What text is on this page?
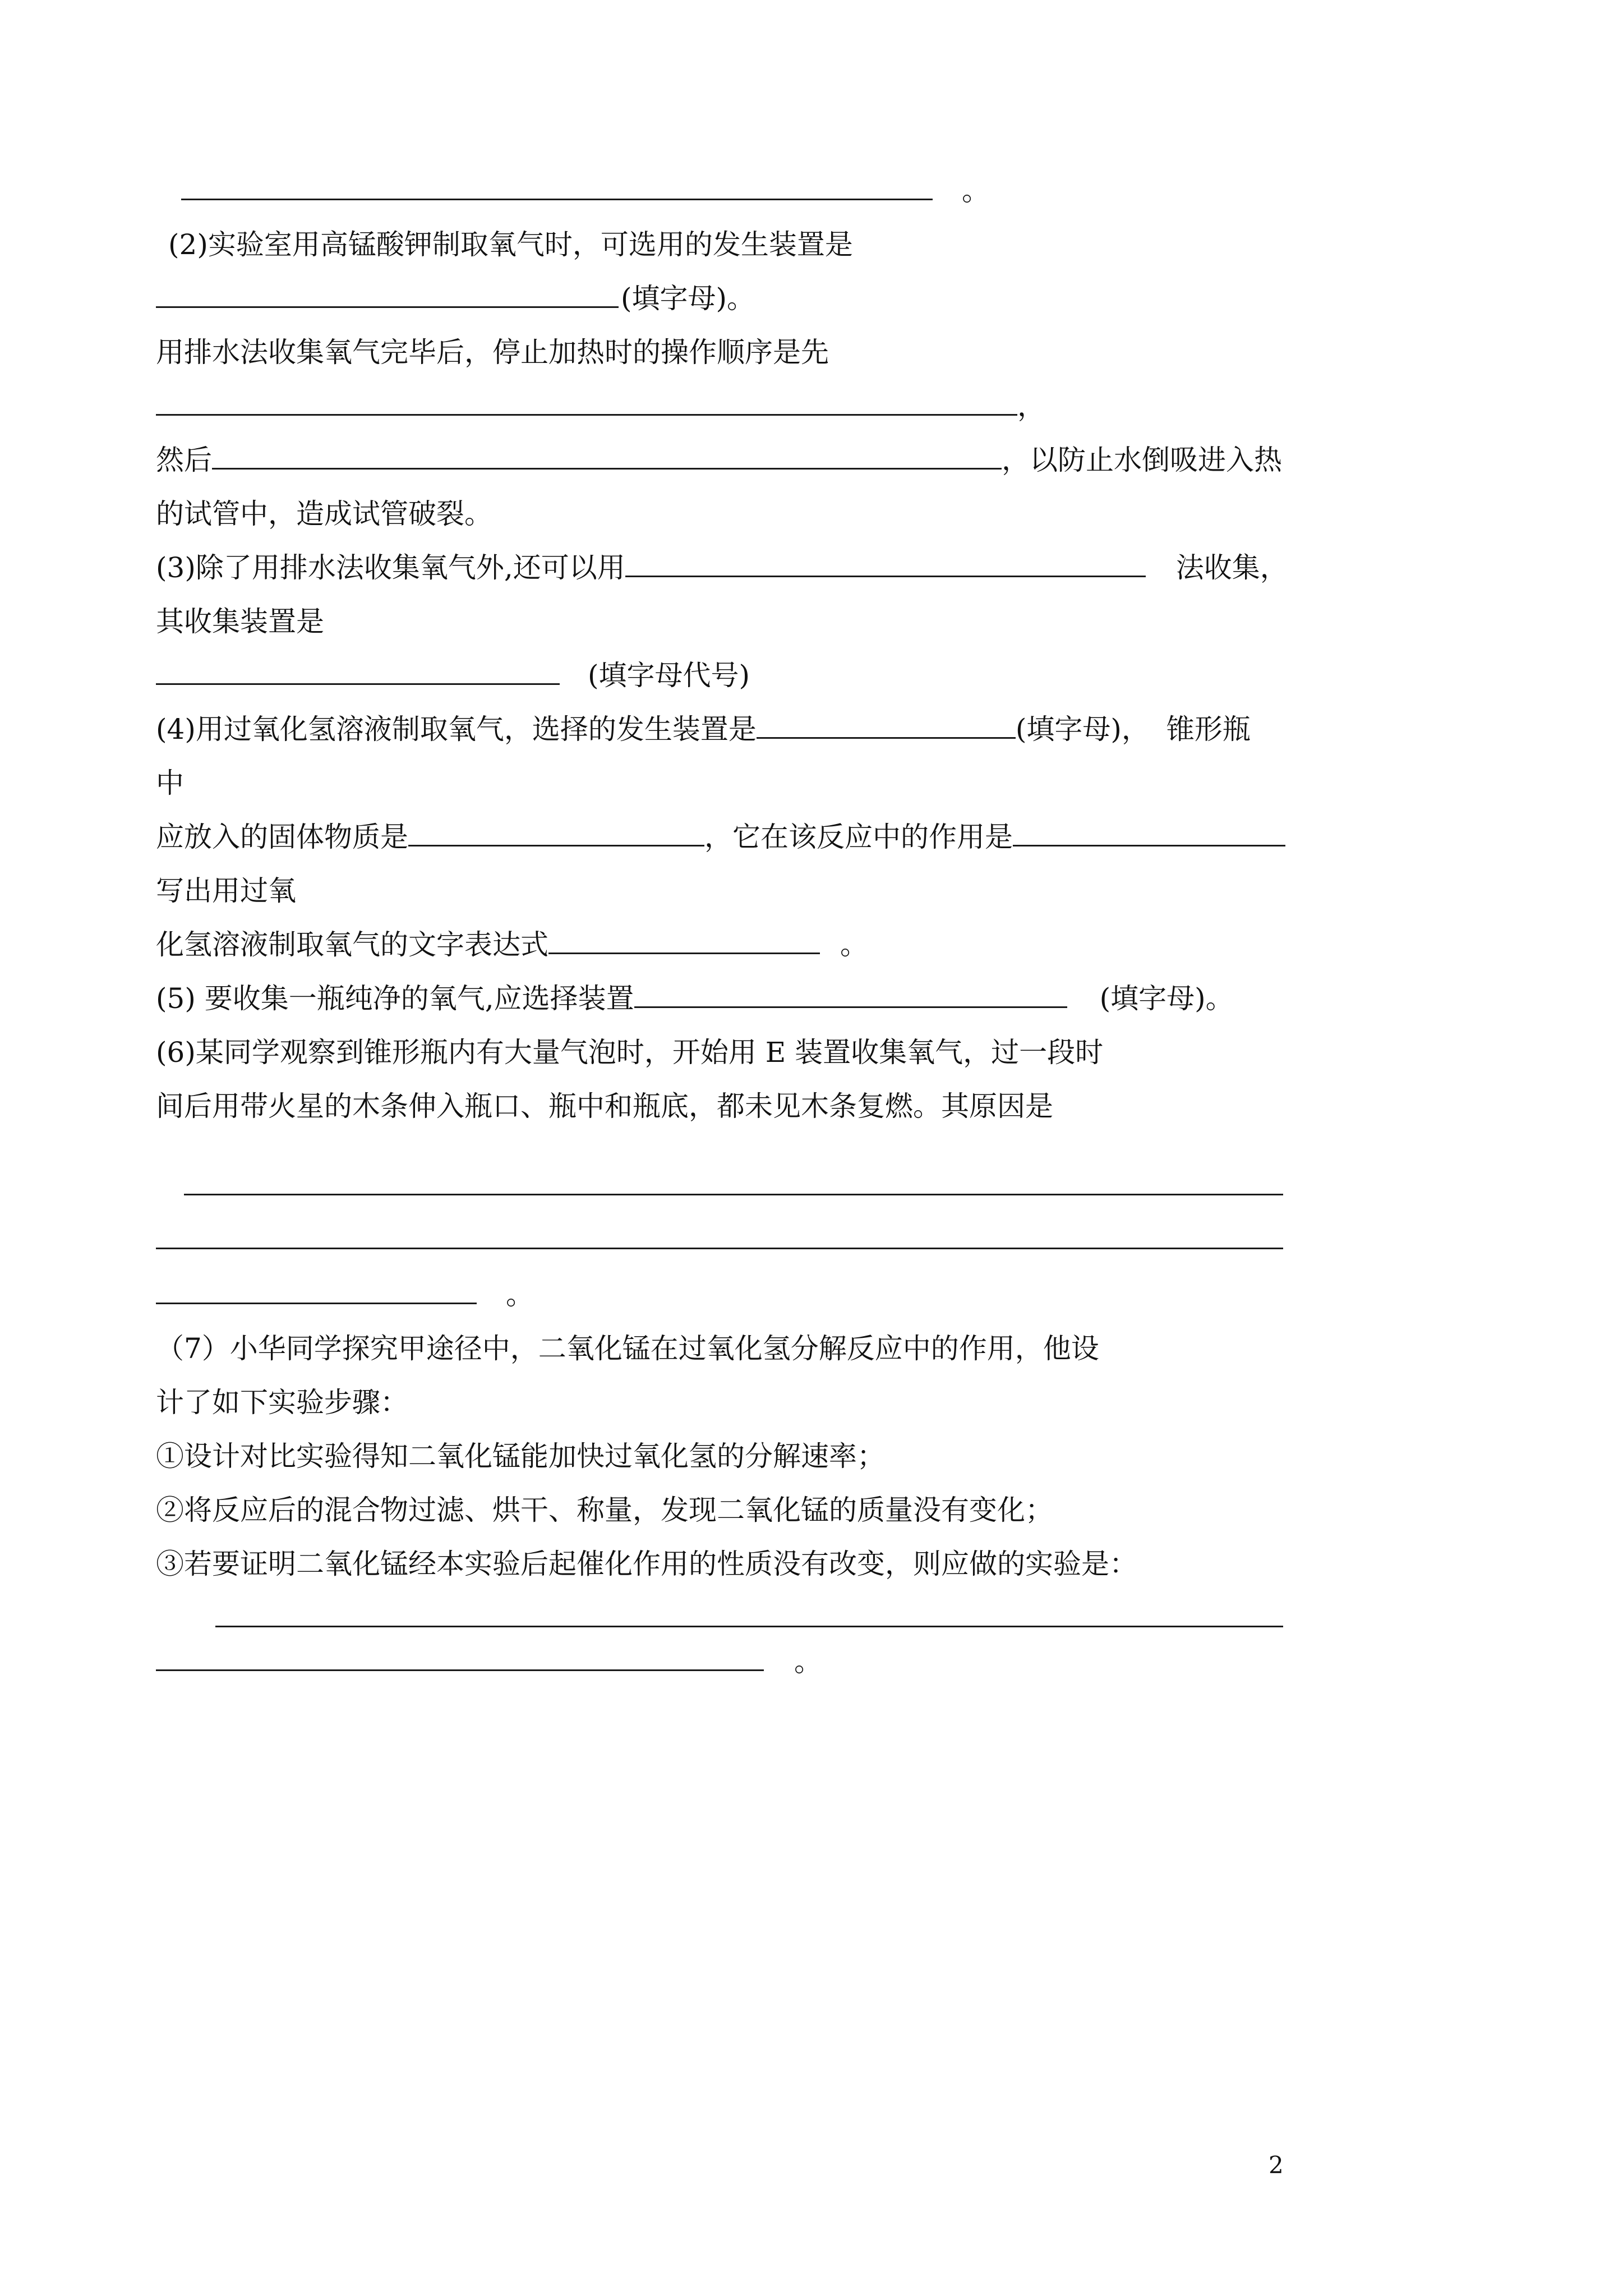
。
(2)实验室用高锰酸钾制取氧气时，可选用的发生装置是
(填字母)。
用排水法收集氧气完毕后，停止加热时的操作顺序是先
，
然后	，以防止水倒吸进入热
的试管中，造成试管破裂。
(3)除了用排水法收集氧气外,还可以用	法收集，
其收集装置是
(填字母代号)
(4)用过氧化氢溶液制取氧气，选择的发生装置是	(填字母)， 锥形瓶
中
应放入的固体物质是	，它在该反应中的作用是
写出用过氧
化氢溶液制取氧气的文字表达式	。
(5) 要收集一瓶纯净的氧气,应选择装置	(填字母)。
(6)某同学观察到锥形瓶内有大量气泡时，开始用 E 装置收集氧气，过一段时
间后用带火星的木条伸入瓶口、瓶中和瓶底，都未见木条复燃。其原因是
。
（7）小华同学探究甲途径中，二氧化锰在过氧化氢分解反应中的作用，他设
计了如下实验步骤：
①设计对比实验得知二氧化锰能加快过氧化氢的分解速率；
②将反应后的混合物过滤、烘干、称量，发现二氧化锰的质量没有变化；
③若要证明二氧化锰经本实验后起催化作用的性质没有改变，则应做的实验是：
。
2
